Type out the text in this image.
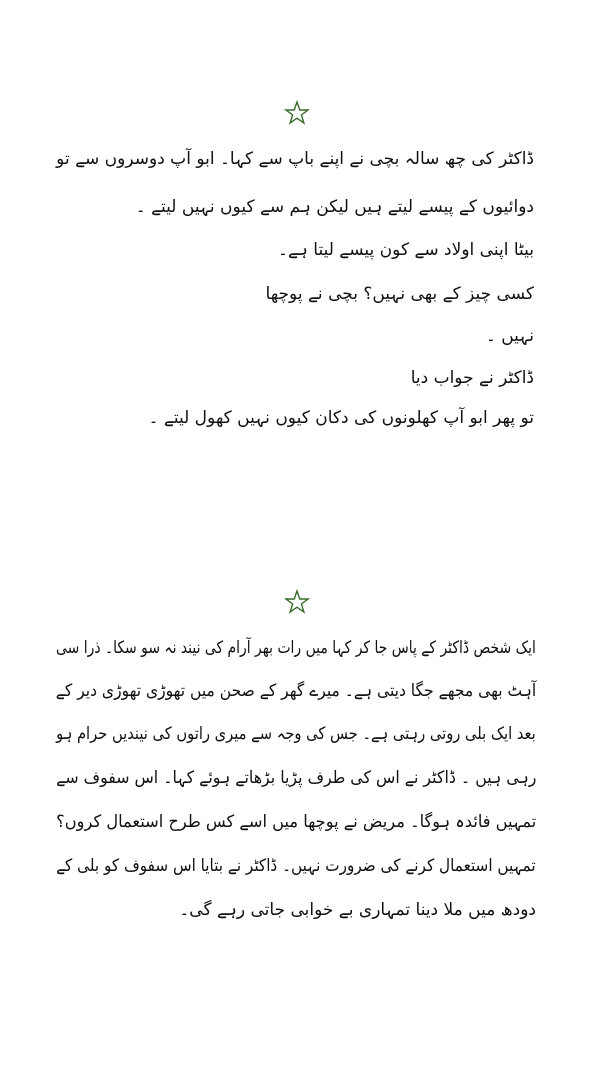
ڈاکٹر کی چھ سالہ بچی نے اپنے باپ سے کہا۔ ابو آپ دوسروں سے تو
دوائیوں کے پیسے لیتے ہیں لیکن ہم سے کیوں نہیں لیتے ۔
بیٹا اپنی اولاد سے کون پیسے لیتا ہے۔
کسی چیز کے بھی نہیں؟ بچی نے پوچھا
نہیں ۔
ڈاکٹر نے جواب دیا
تو پھر ابو آپ کھلونوں کی دکان کیوں نہیں کھول لیتے ۔
ایک شخص ڈاکٹر کے پاس جا کر کہا میں رات بھر آرام کی نیند نہ سو سکا۔ ذرا سی
آہٹ بھی مجھے جگا دیتی ہے۔ میرے گھر کے صحن میں تھوڑی تھوڑی دیر کے
بعد ایک بلی روتی رہتی ہے۔ جس کی وجہ سے میری راتوں کی نیندیں حرام ہو
رہی ہیں ۔ ڈاکٹر نے اس کی طرف پڑیا بڑھاتے ہوئے کہا۔ اس سفوف سے
تمہیں فائدہ ہوگا۔ مریض نے پوچھا میں اسے کس طرح استعمال کروں؟
تمہیں استعمال کرنے کی ضرورت نہیں۔ ڈاکٹر نے بتایا اس سفوف کو بلی کے
دودھ میں ملا دینا تمہاری بے خوابی جاتی رہے گی۔
